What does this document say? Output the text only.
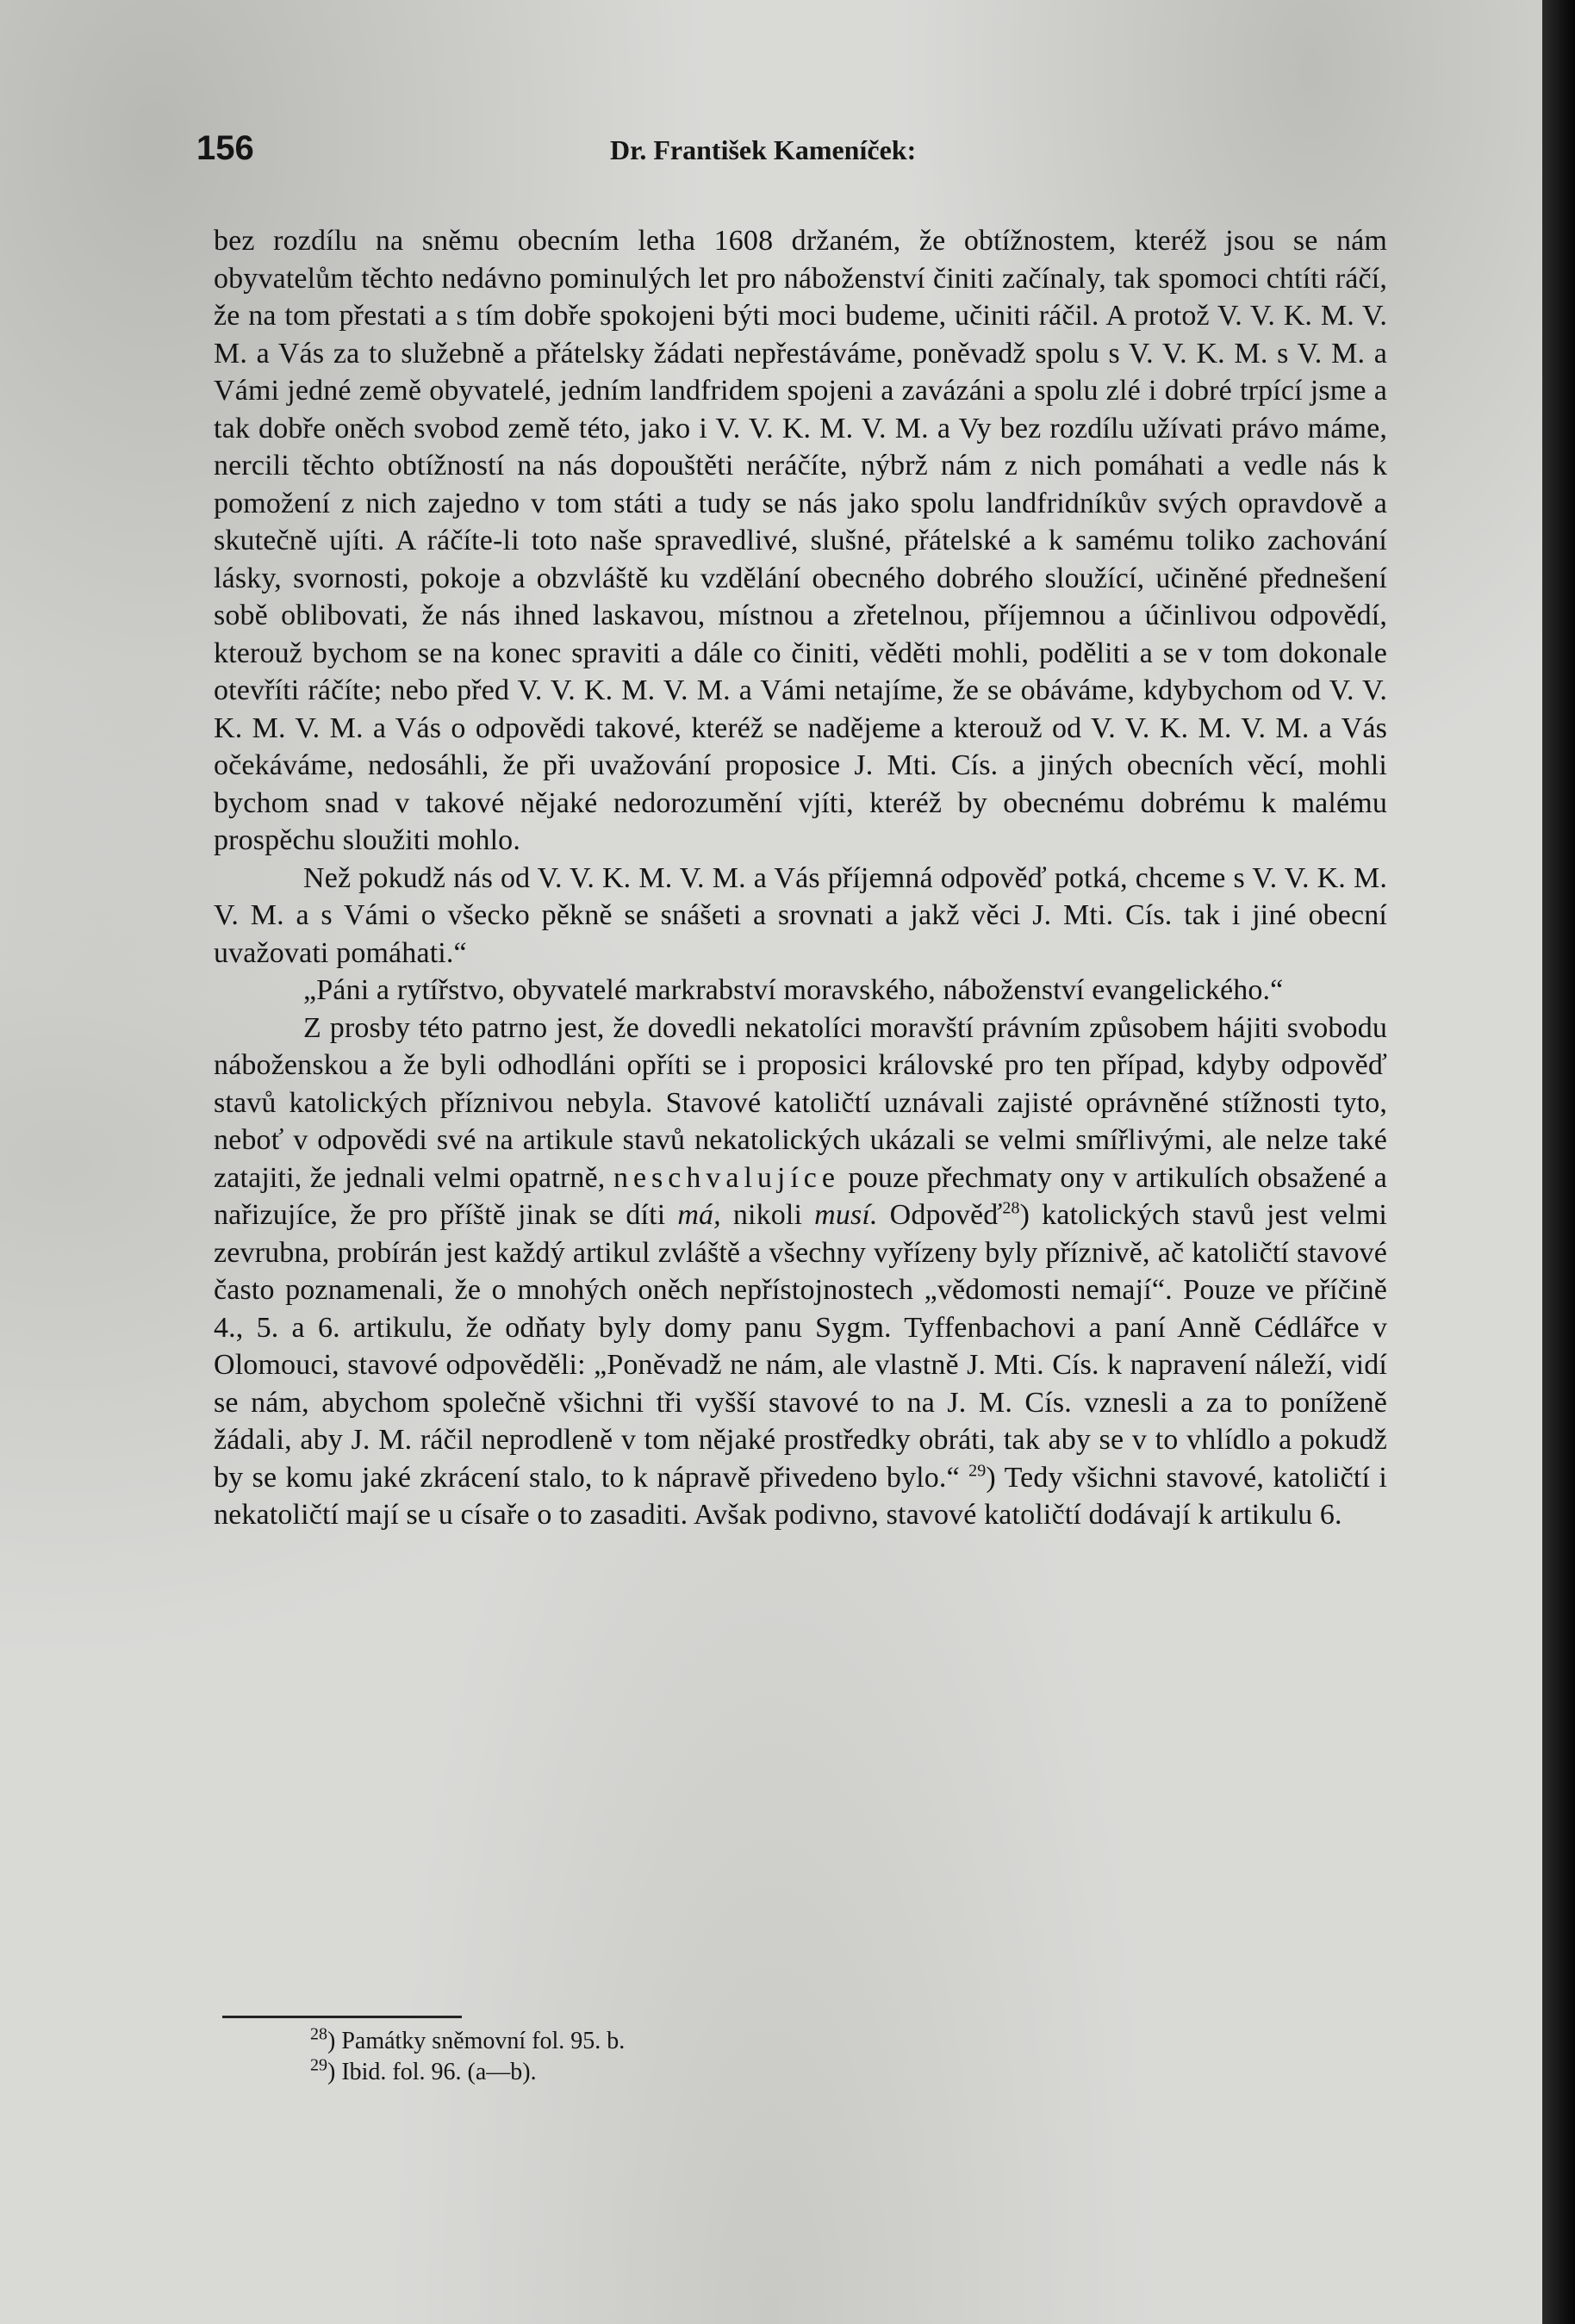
156	Dr. František Kameníček:

bez rozdílu na sněmu obecním letha 1608 držaném, že obtížnostem, kteréž jsou se nám obyvatelům těchto nedávno pominulých let pro náboženství činiti začínaly, tak spomoci chtíti ráčí, že na tom přestati a s tím dobře spokojeni býti moci budeme, učiniti ráčil. A protož V. V. K. M. V. M. a Vás za to služebně a přátelsky žádati nepřestáváme, poněvadž spolu s V. V. K. M. s V. M. a Vámi jedné země obyvatelé, jedním landfridem spojeni a zavázáni a spolu zlé i dobré trpící jsme a tak dobře oněch svobod země této, jako i V. V. K. M. V. M. a Vy bez rozdílu užívati právo máme, nercili těchto obtížností na nás dopouštěti neráčíte, nýbrž nám z nich pomáhati a vedle nás k pomožení z nich zajedno v tom státi a tudy se nás jako spolu landfridníkův svých opravdově a skutečně ujíti. A ráčíte-li toto naše spravedlivé, slušné, přátelské a k samému toliko zachování lásky, svornosti, pokoje a obzvláště ku vzdělání obecného dobrého sloužící, učiněné přednešení sobě oblibovati, že nás ihned laskavou, místnou a zřetelnou, příjemnou a účinlivou odpovědí, kterouž bychom se na konec spraviti a dále co činiti, věděti mohli, poděliti a se v tom dokonale otevříti ráčíte; nebo před V. V. K. M. V. M. a Vámi netajíme, že se obáváme, kdybychom od V. V. K. M. V. M. a Vás o odpovědi takové, kteréž se nadějeme a kterouž od V. V. K. M. V. M. a Vás očekáváme, nedosáhli, že při uvažování proposice J. Mti. Cís. a jiných obecních věcí, mohli bychom snad v takové nějaké nedorozumění vjíti, kteréž by obecnému dobrému k malému prospěchu sloužiti mohlo.

Než pokudž nás od V. V. K. M. V. M. a Vás příjemná odpověď potká, chceme s V. V. K. M. V. M. a s Vámi o všecko pěkně se snášeti a srovnati a jakž věci J. Mti. Cís. tak i jiné obecní uvažovati pomáhati.“

„Páni a rytířstvo, obyvatelé markrabství moravského, náboženství evangelického.“

Z prosby této patrno jest, že dovedli nekatolíci moravští právním způsobem hájiti svobodu náboženskou a že byli odhodláni opříti se i proposici královské pro ten případ, kdyby odpověď stavů katolických příznivou nebyla. Stavové katoličtí uznávali zajisté oprávněné stížnosti tyto, neboť v odpovědi své na artikule stavů nekatolických ukázali se velmi smířlivými, ale nelze také zatajiti, že jednali velmi opatrně, neschvalujíce pouze přechmaty ony v artikulích obsažené a nařizujíce, že pro příště jinak se díti má, nikoli musí. Odpověď$^{28}$) katolických stavů jest velmi zevrubna, probírán jest každý artikul zvláště a všechny vyřízeny byly příznivě, ač katoličtí stavové často poznamenali, že o mnohých oněch nepřístojnostech „vědomosti nemají“. Pouze ve příčině 4., 5. a 6. artikulu, že odňaty byly domy panu Sygm. Tyffenbachovi a paní Anně Cédlářce v Olomouci, stavové odpověděli: „Poněvadž ne nám, ale vlastně J. Mti. Cís. k napravení náleží, vidí se nám, abychom společně všichni tři vyšší stavové to na J. M. Cís. vznesli a za to poníženě žádali, aby J. M. ráčil neprodleně v tom nějaké prostředky obráti, tak aby se v to vhlídlo a pokudž by se komu jaké zkrácení stalo, to k nápravě přivedeno bylo.“ $^{29}$) Tedy všichni stavové, katoličtí i nekatoličtí mají se u císaře o to zasaditi. Avšak podivno, stavové katoličtí dodávají k artikulu 6.

$^{28}$) Památky sněmovní fol. 95. b.
$^{29}$) Ibid. fol. 96. (a—b).
